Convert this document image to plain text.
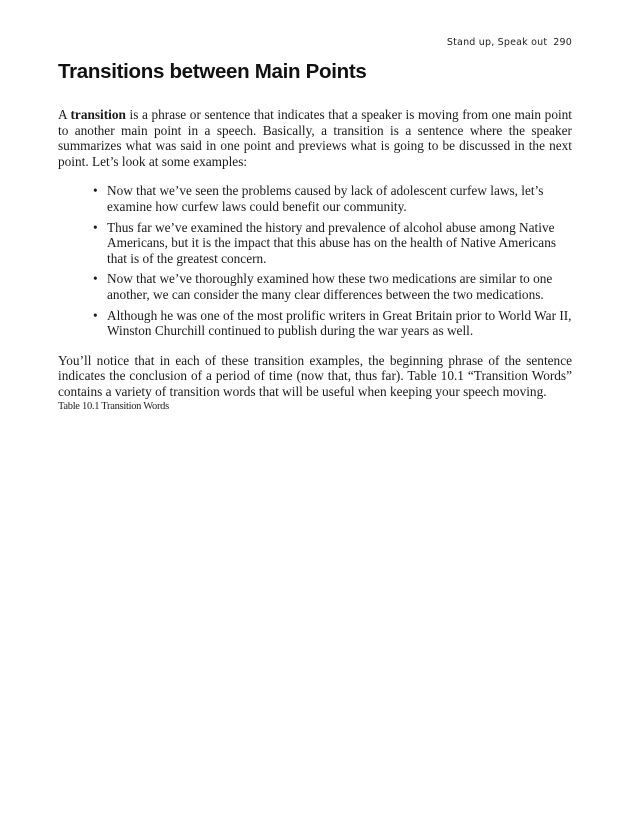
Stand up, Speak out 290
Transitions between Main Points

A transition is a phrase or sentence that indicates that a speaker is moving from one main point to another main point in a speech. Basically, a transition is a sentence where the speaker summarizes what was said in one point and previews what is going to be discussed in the next point. Let’s look at some examples:

• Now that we’ve seen the problems caused by lack of adolescent curfew laws, let’s examine how curfew laws could benefit our community.
• Thus far we’ve examined the history and prevalence of alcohol abuse among Native Americans, but it is the impact that this abuse has on the health of Native Americans that is of the greatest concern.
• Now that we’ve thoroughly examined how these two medications are similar to one another, we can consider the many clear differences between the two medications.
• Although he was one of the most prolific writers in Great Britain prior to World War II, Winston Churchill continued to publish during the war years as well.

You’ll notice that in each of these transition examples, the beginning phrase of the sentence indicates the conclusion of a period of time (now that, thus far). Table 10.1 “Transition Words” contains a variety of transition words that will be useful when keeping your speech moving.

Table 10.1 Transition Words
